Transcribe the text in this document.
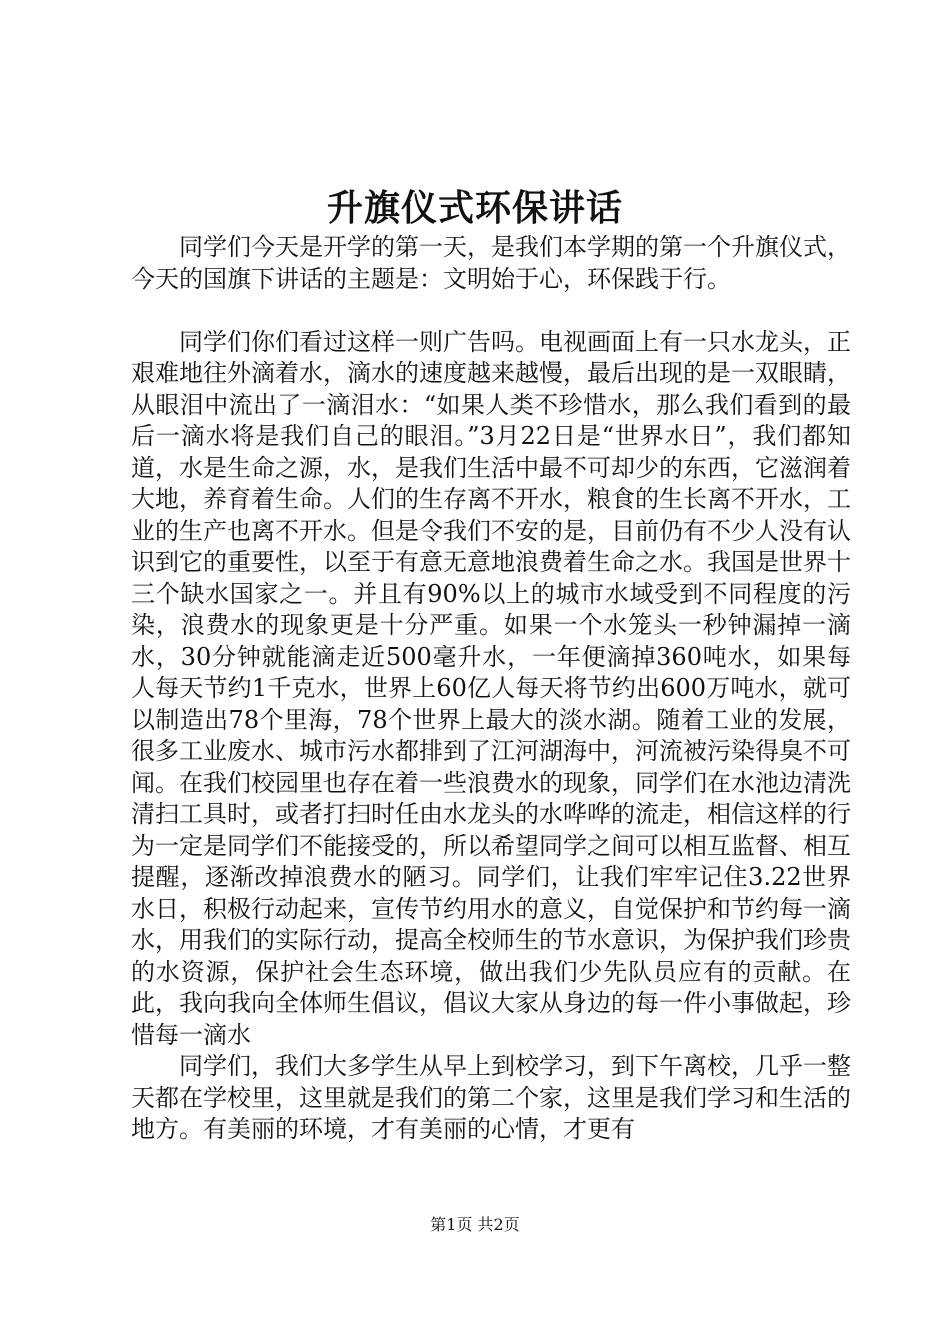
升旗仪式环保讲话

同学们今天是开学的第一天，是我们本学期的第一个升旗仪式，今天的国旗下讲话的主题是：文明始于心，环保践于行。

同学们你们看过这样一则广告吗。电视画面上有一只水龙头，正艰难地往外滴着水，滴水的速度越来越慢，最后出现的是一双眼睛，从眼泪中流出了一滴泪水：“如果人类不珍惜水，那么我们看到的最后一滴水将是我们自己的眼泪。”3月22日是“世界水日”，我们都知道，水是生命之源，水，是我们生活中最不可却少的东西，它滋润着大地，养育着生命。人们的生存离不开水，粮食的生长离不开水，工业的生产也离不开水。但是令我们不安的是，目前仍有不少人没有认识到它的重要性，以至于有意无意地浪费着生命之水。我国是世界十三个缺水国家之一。并且有90%以上的城市水域受到不同程度的污染，浪费水的现象更是十分严重。如果一个水笼头一秒钟漏掉一滴水，30分钟就能滴走近500毫升水，一年便滴掉360吨水，如果每人每天节约1千克水，世界上60亿人每天将节约出600万吨水，就可以制造出78个里海，78个世界上最大的淡水湖。随着工业的发展，很多工业废水、城市污水都排到了江河湖海中，河流被污染得臭不可闻。在我们校园里也存在着一些浪费水的现象，同学们在水池边清洗清扫工具时，或者打扫时任由水龙头的水哗哗的流走，相信这样的行为一定是同学们不能接受的，所以希望同学之间可以相互监督、相互提醒，逐渐改掉浪费水的陋习。同学们，让我们牢牢记住3.22世界水日，积极行动起来，宣传节约用水的意义，自觉保护和节约每一滴水，用我们的实际行动，提高全校师生的节水意识，为保护我们珍贵的水资源，保护社会生态环境，做出我们少先队员应有的贡献。在此，我向我向全体师生倡议，倡议大家从身边的每一件小事做起，珍惜每一滴水

同学们，我们大多学生从早上到校学习，到下午离校，几乎一整天都在学校里，这里就是我们的第二个家，这里是我们学习和生活的地方。有美丽的环境，才有美丽的心情，才更有

第1页 共2页
